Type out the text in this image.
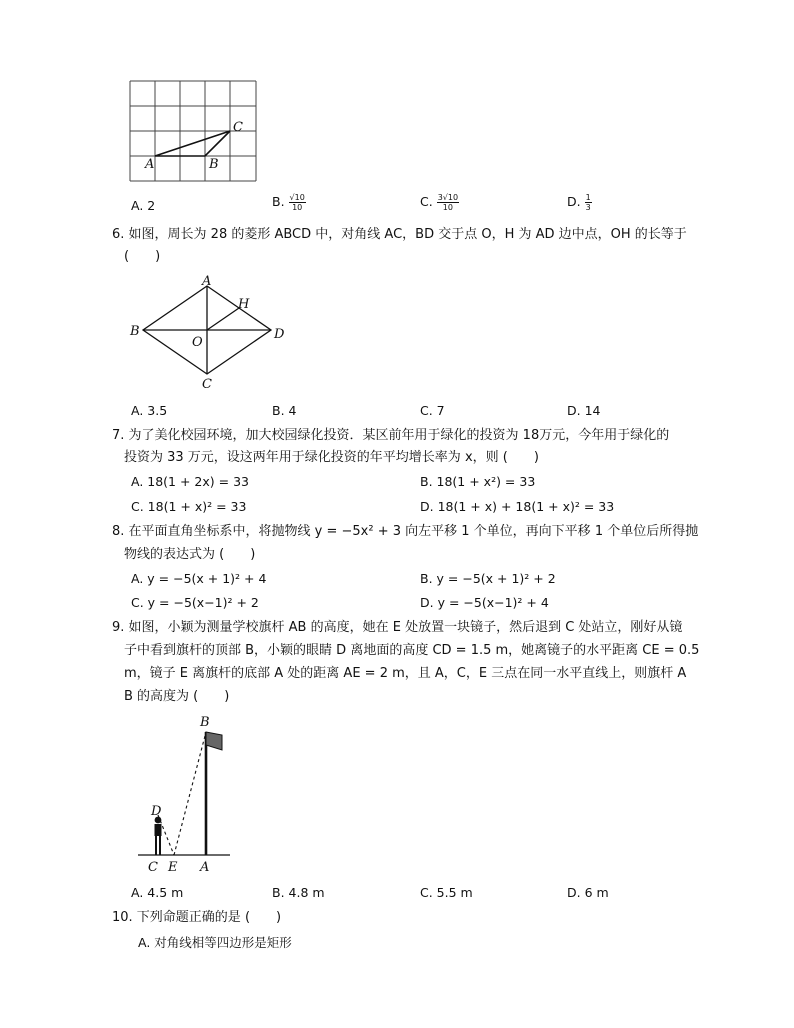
A	B
C
A. 2	B. $\frac{√10}{10}$	C. $\frac{3√10}{10}$	D. $\frac{1}{3}$
6. 如图，周长为 28 的菱形 ABCD 中，对角线 AC，BD 交于点 O，H 为 AD 边中点，OH 的长等于
(　　)
A
B
C
D
O
H
A. 3.5	B. 4	C. 7	D. 14
7. 为了美化校园环境，加大校园绿化投资．某区前年用于绿化的投资为 18万元，今年用于绿化的
投资为 33 万元，设这两年用于绿化投资的年平均增长率为 x，则 (　　)
A. 18(1 + 2x) = 33	B. 18(1 + x²) = 33
C. 18(1 + x)² = 33	D. 18(1 + x) + 18(1 + x)² = 33
8. 在平面直角坐标系中，将抛物线 y = −5x² + 3 向左平移 1 个单位，再向下平移 1 个单位后所得抛
物线的表达式为 (　　)
A. y = −5(x + 1)² + 4	B. y = −5(x + 1)² + 2
C. y = −5(x−1)² + 2	D. y = −5(x−1)² + 4
9. 如图，小颖为测量学校旗杆 AB 的高度，她在 E 处放置一块镜子，然后退到 C 处站立，刚好从镜
子中看到旗杆的顶部 B，小颖的眼睛 D 离地面的高度 CD = 1.5 m，她离镜子的水平距离 CE = 0.5
m，镜子 E 离旗杆的底部 A 处的距离 AE = 2 m，且 A，C，E 三点在同一水平直线上，则旗杆 A
B 的高度为 (　　)
B
D
C E A
A. 4.5 m	B. 4.8 m	C. 5.5 m	D. 6 m
10. 下列命题正确的是 (　　)
A. 对角线相等四边形是矩形
